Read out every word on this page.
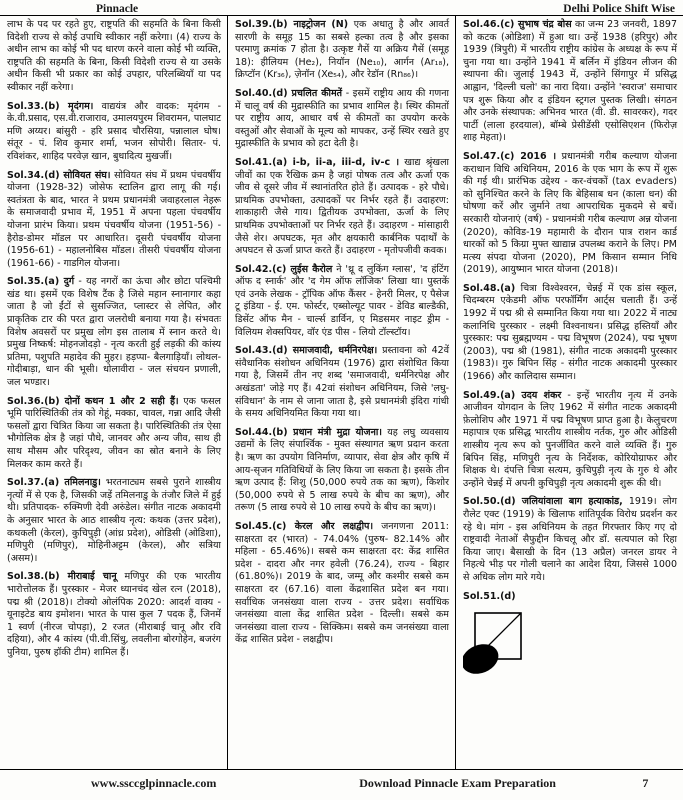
Pinnacle	Delhi Police Shift Wise
लाभ के पद पर रहते हुए, राष्ट्रपति की सहमति के बिना किसी विदेशी राज्य से कोई उपाधि स्वीकार नहीं करेगा। (4) राज्य के अधीन लाभ का कोई भी पद धारण करने वाला कोई भी व्यक्ति, राष्ट्रपति की सहमति के बिना, किसी विदेशी राज्य से या उसके अधीन किसी भी प्रकार का कोई उपहार, परिलब्धियाँ या पद स्वीकार नहीं करेगा।
Sol.33.(b) मृदंगम। वाद्ययंत्र और वादक: मृदंगम - के.वी.प्रसाद, एस.वी.राजाराव, उमालयपुरम शिवरामन, पालघाट मणि अय्यर। बांसुरी - हरि प्रसाद चौरसिया, पन्नालाल घोष। संतूर - पं. शिव कुमार शर्मा, भजन सोपोरी। सितार- पं. रविशंकर, शाहिद परवेज़ खान, बुधादित्य मुखर्जी।
Sol.34.(d) सोवियत संघ। सोवियत संघ में प्रथम पंचवर्षीय योजना (1928-32) जोसेफ स्टालिन द्वारा लागू की गई। स्वतंत्रता के बाद, भारत ने प्रथम प्रधानमंत्री जवाहरलाल नेहरू के समाजवादी प्रभाव में, 1951 में अपना पहला पंचवर्षीय योजना प्रारंभ किया। प्रथम पंचवर्षीय योजना (1951-56) - हैरोड-डोमर मॉडल पर आधारित। दूसरी पंचवर्षीय योजना (1956-61) - महालनोबिस मॉडल। तीसरी पंचवर्षीय योजना (1961-66) - गाडगिल योजना।
Sol.35.(a) दुर्ग - यह नगरों का ऊंचा और छोटा पश्चिमी खंड था। इसमें एक विशेष टैंक है जिसे महान स्नानागार कहा जाता है जो ईंटों से सुसज्जित, प्लास्टर से लेपित, और प्राकृतिक टार की परत द्वारा जलरोधी बनाया गया है। संभवतः विशेष अवसरों पर प्रमुख लोग इस तालाब में स्नान करते थे। प्रमुख निष्कर्ष: मोहनजोदड़ो - नृत्य करती हुई लड़की की कांस्य प्रतिमा, पशुपति महादेव की मुहर। हड़प्पा- बैलगाड़ियाँ। लोथल- गोदीबाड़ा, धान की भूसी। धोलावीरा - जल संचयन प्रणाली, जल भण्डार।
Sol.36.(b) दोनों कथन 1 और 2 सही हैं। एक फसल भूमि पारिस्थितिकी तंत्र को गेहूं, मक्का, चावल, गन्ना आदि जैसी फसलों द्वारा चित्रित किया जा सकता है। पारिस्थितिकी तंत्र ऐसा भौगोलिक क्षेत्र है जहां पौधे, जानवर और अन्य जीव, साथ ही साथ मौसम और परिदृश्य, जीवन का स्रोत बनाने के लिए मिलकर काम करते हैं।
Sol.37.(a) तमिलनाडु। भरतनाट्यम सबसे पुराने शास्त्रीय नृत्यों में से एक है, जिसकी जड़ें तमिलनाडु के तंजौर जिले में हुई थी। प्रतिपादक- रुक्मिणी देवी अरुंडेल। संगीत नाटक अकादमी के अनुसार भारत के आठ शास्त्रीय नृत्य: कथक (उत्तर प्रदेश), कथकली (केरल), कुचिपुड़ी (आंध्र प्रदेश), ओडिसी (ओडिशा), मणिपुरी (मणिपुर), मोहिनीअट्टम (केरल), और सत्रिया (असम)।
Sol.38.(b) मीराबाई चानू मणिपुर की एक भारतीय भारोत्तोलक हैं। पुरस्कार - मेजर ध्यानचंद खेल रत्न (2018), पद्म श्री (2018)। टोक्यो ओलंपिक 2020: आदर्श वाक्य - यूनाइटेड बाय इमोशन। भारत के पास कुल 7 पदक हैं, जिनमें 1 स्वर्ण (नीरज चोपड़ा), 2 रजत (मीराबाई चानू और रवि दहिया), और 4 कांस्य (पी.वी.सिंधु, लवलीना बोरगोहेन, बजरंग पुनिया, पुरुष हॉकी टीम) शामिल हैं।
Sol.39.(b) नाइट्रोजन (N) एक अधातु है और आवर्त सारणी के समूह 15 का सबसे हल्का तत्व है और इसका परमाणु क्रमांक 7 होता है। उत्कृष्ट गैसें या अक्रिय गैसें (समूह 18): हीलियम (He₂), नियॉन (Ne₁₀), आर्गन (Ar₁₈), क्रिप्टॉन (Kr₃₆), ज़ेनॉन (Xe₅₄), और रेडॉन (Rn₈₆)।
Sol.40.(d) प्रचलित कीमतें - इसमें राष्ट्रीय आय की गणना में चालू वर्ष की मुद्रास्फीति का प्रभाव शामिल है। स्थिर कीमतों पर राष्ट्रीय आय, आधार वर्ष से कीमतों का उपयोग करके वस्तुओं और सेवाओं के मूल्य को मापकर, उन्हें स्थिर रखते हुए मुद्रास्फीति के प्रभाव को हटा देती है।
Sol.41.(a) i-b, ii-a, iii-d, iv-c । खाद्य श्रृंखला जीवों का एक रैखिक क्रम है जहां पोषक तत्व और ऊर्जा एक जीव से दूसरे जीव में स्थानांतरित होते हैं। उत्पादक - हरे पौधे। प्राथमिक उपभोक्ता, उत्पादकों पर निर्भर रहते हैं। उदाहरण: शाकाहारी जैसे गाय। द्वितीयक उपभोक्ता, ऊर्जा के लिए प्राथमिक उपभोक्ताओं पर निर्भर रहते हैं। उदाहरण - मांसाहारी जैसे शेर। अपघटक, मृत और क्षयकारी कार्बनिक पदार्थों के अपघटन से ऊर्जा प्राप्त करते हैं। उदाहरण - मृतोपजीवी कवक।
Sol.42.(c) लुईस कैरोल ने 'थ्रू द लुकिंग ग्लास', 'द हंटिंग ऑफ द स्नार्क' और 'द गेम ऑफ लॉजिक' लिखा था। पुस्तकें एवं उनके लेखक - ट्रॉपिक ऑफ कैंसर - हेनरी मिलर, ए पैसेज टू इंडिया - ई. एम. फोर्स्टर, एब्सोल्यूट पावर - डेविड बाल्डैकी, डिसेंट ऑफ मैन - चार्ल्स डार्विन, ए मिडसमर नाइट ड्रीम - विलियम शेक्सपियर, वॉर एंड पीस - लियो टॉल्स्टॉय।
Sol.43.(d) समाजवादी, धर्मनिरपेक्ष। प्रस्तावना को 42वें संवैधानिक संशोधन अधिनियम (1976) द्वारा संशोधित किया गया है, जिसमें तीन नए शब्द 'समाजवादी, धर्मनिरपेक्ष और अखंडता' जोड़े गए हैं। 42वां संशोधन अधिनियम, जिसे 'लघु-संविधान' के नाम से जाना जाता है, इसे प्रधानमंत्री इंदिरा गांधी के समय अधिनियमित किया गया था।
Sol.44.(b) प्रधान मंत्री मुद्रा योजना। यह लघु व्यवसाय उद्यमों के लिए संपार्श्विक - मुक्त संस्थागत ऋण प्रदान करता है। ऋण का उपयोग विनिर्माण, व्यापार, सेवा क्षेत्र और कृषि में आय-सृजन गतिविधियों के लिए किया जा सकता है। इसके तीन ऋण उत्पाद हैं: शिशु (50,000 रुपये तक का ऋण), किशोर (50,000 रुपये से 5 लाख रुपये के बीच का ऋण), और तरूण (5 लाख रुपये से 10 लाख रुपये के बीच का ऋण)।
Sol.45.(c) केरल और लक्षद्वीप। जनगणना 2011: साक्षरता दर (भारत) - 74.04% (पुरुष- 82.14% और महिला - 65.46%)। सबसे कम साक्षरता दर: केंद्र शासित प्रदेश - दादरा और नगर हवेली (76.24), राज्य - बिहार (61.80%)। 2019 के बाद, जम्मू और कश्मीर सबसे कम साक्षरता दर (67.16) वाला केंद्रशासित प्रदेश बन गया। सर्वाधिक जनसंख्या वाला राज्य - उत्तर प्रदेश। सर्वाधिक जनसंख्या वाला केंद्र शासित प्रदेश - दिल्ली। सबसे कम जनसंख्या वाला राज्य - सिक्किम। सबसे कम जनसंख्या वाला केंद्र शासित प्रदेश - लक्षद्वीप।
Sol.46.(c) सुभाष चंद्र बोस का जन्म 23 जनवरी, 1897 को कटक (ओडिशा) में हुआ था। उन्हें 1938 (हरिपुर) और 1939 (त्रिपुरी) में भारतीय राष्ट्रीय कांग्रेस के अध्यक्ष के रूप में चुना गया था। उन्होंने 1941 में बर्लिन में इंडियन लीजन की स्थापना की। जुलाई 1943 में, उन्होंने सिंगापुर में प्रसिद्ध आह्वान, 'दिल्ली चलो' का नारा दिया। उन्होंने 'स्वराज' समाचार पत्र शुरू किया और द इंडियन स्ट्रगल पुस्तक लिखी। संगठन और उनके संस्थापक: अभिनव भारत (वी. डी. सावरकर), गदर पार्टी (लाला हरदयाल), बॉम्बे प्रेसीडेंसी एसोसिएशन (फिरोज़ शाह मेहता)।
Sol.47.(c) 2016 । प्रधानमंत्री गरीब कल्याण योजना कराधान विधि अधिनियम, 2016 के एक भाग के रूप में शुरू की गई थी। प्रारंभिक उद्देश्य - कर-वंचकों (tax evaders) को सुनिश्चित करने के लिए कि बेहिसाब धन (काला धन) की घोषणा करें और जुर्माने तथा आपराधिक मुकदमे से बचें। सरकारी योजनाएं (वर्ष) - प्रधानमंत्री गरीब कल्याण अन्न योजना (2020), कोविड-19 महामारी के दौरान पात्र राशन कार्ड धारकों को 5 किग्रा मुफ्त खाद्यान्न उपलब्ध कराने के लिए। PM मत्स्य संपदा योजना (2020), PM किसान सम्मान निधि (2019), आयुष्मान भारत योजना (2018)।
Sol.48.(a) चित्रा विश्वेश्वरन, चेन्नई में एक डांस स्कूल, चिदम्बरम एकेडमी ऑफ परफॉर्मिंग आर्ट्स चलाती हैं। उन्हें 1992 में पद्म श्री से सम्मानित किया गया था। 2022 में नाट्य कलानिधि पुरस्कार - लक्ष्मी विश्वनाथन। प्रसिद्ध हस्तियाँ और पुरस्कार: पद्म सुब्रह्मण्यम - पद्म विभूषण (2024), पद्म भूषण (2003), पद्म श्री (1981), संगीत नाटक अकादमी पुरस्कार (1983)। गुरु बिपिन सिंह - संगीत नाटक अकादमी पुरस्कार (1966) और कालिदास सम्मान।
Sol.49.(a) उदय शंकर - इन्हें भारतीय नृत्य में उनके आजीवन योगदान के लिए 1962 में संगीत नाटक अकादमी फ़ेलोशिप और 1971 में पद्म विभूषण प्राप्त हुआ है। केलुचरण महापात्र एक प्रसिद्ध भारतीय शास्त्रीय नर्तक, गुरु और ओडिसी शास्त्रीय नृत्य रूप को पुनर्जीवित करने वाले व्यक्ति हैं। गुरु बिपिन सिंह, मणिपुरी नृत्य के निर्देशक, कोरियोग्राफर और शिक्षक थे। दंपत्ति चित्रा सत्यम, कुचिपुड़ी नृत्य के गुरु थे और उन्होंने चेन्नई में अपनी कुचिपुड़ी नृत्य अकादमी शुरू की थी।
Sol.50.(d) जलियांवाला बाग हत्याकांड, 1919। लोग रौलेट एक्ट (1919) के खिलाफ शांतिपूर्वक विरोध प्रदर्शन कर रहे थे। मांग - इस अधिनियम के तहत गिरफ्तार किए गए दो राष्ट्रवादी नेताओं सैफुद्दीन किचलू और डॉ. सत्यपाल को रिहा किया जाए। बैसाखी के दिन (13 अप्रैल) जनरल डायर ने निहत्थे भीड़ पर गोली चलाने का आदेश दिया, जिससे 1000 से अधिक लोग मारे गये।
Sol.51.(d)
www.ssccglpinnacle.com	Download Pinnacle Exam Preparation	7
